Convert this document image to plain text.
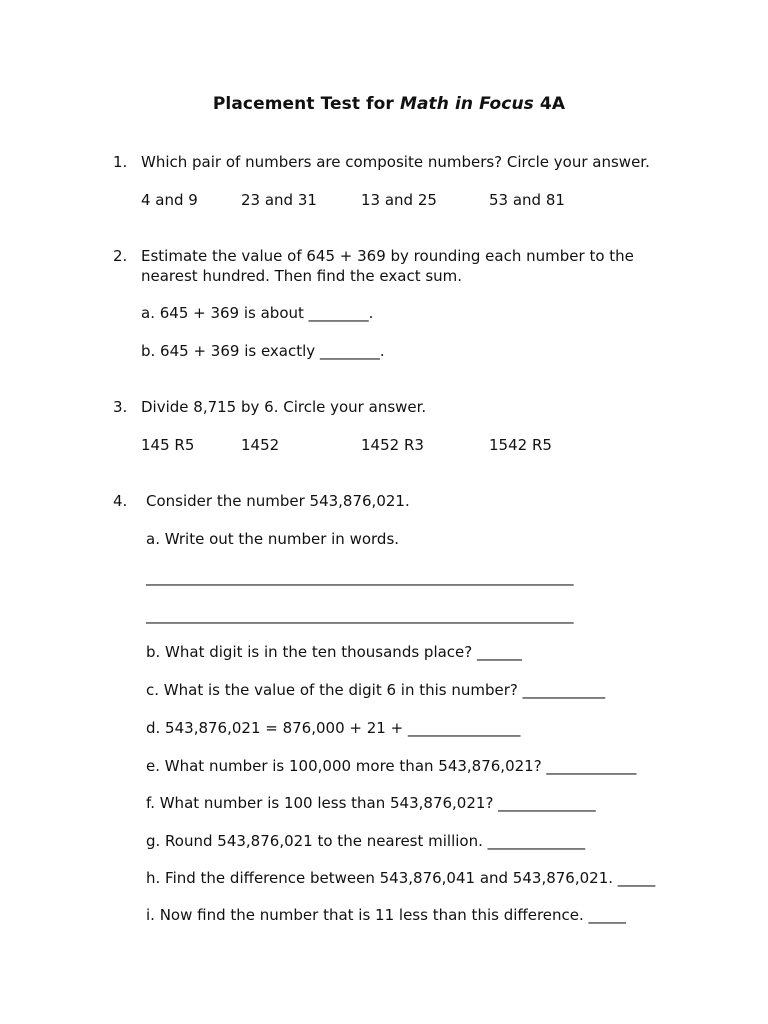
Placement Test for Math in Focus 4A
1. Which pair of numbers are composite numbers? Circle your answer.
4 and 9	23 and 31	13 and 25	53 and 81
2. Estimate the value of 645 + 369 by rounding each number to the
nearest hundred. Then find the exact sum.
a. 645 + 369 is about ________.
b. 645 + 369 is exactly ________.
3. Divide 8,715 by 6. Circle your answer.
145 R5	1452	1452 R3	1542 R5
4. Consider the number 543,876,021.
a. Write out the number in words.
_________________________________________________________
_________________________________________________________
b. What digit is in the ten thousands place? ______
c. What is the value of the digit 6 in this number? ___________
d. 543,876,021 = 876,000 + 21 + _______________
e. What number is 100,000 more than 543,876,021? ____________
f. What number is 100 less than 543,876,021? _____________
g. Round 543,876,021 to the nearest million. _____________
h. Find the difference between 543,876,041 and 543,876,021. _____
i. Now find the number that is 11 less than this difference. _____
